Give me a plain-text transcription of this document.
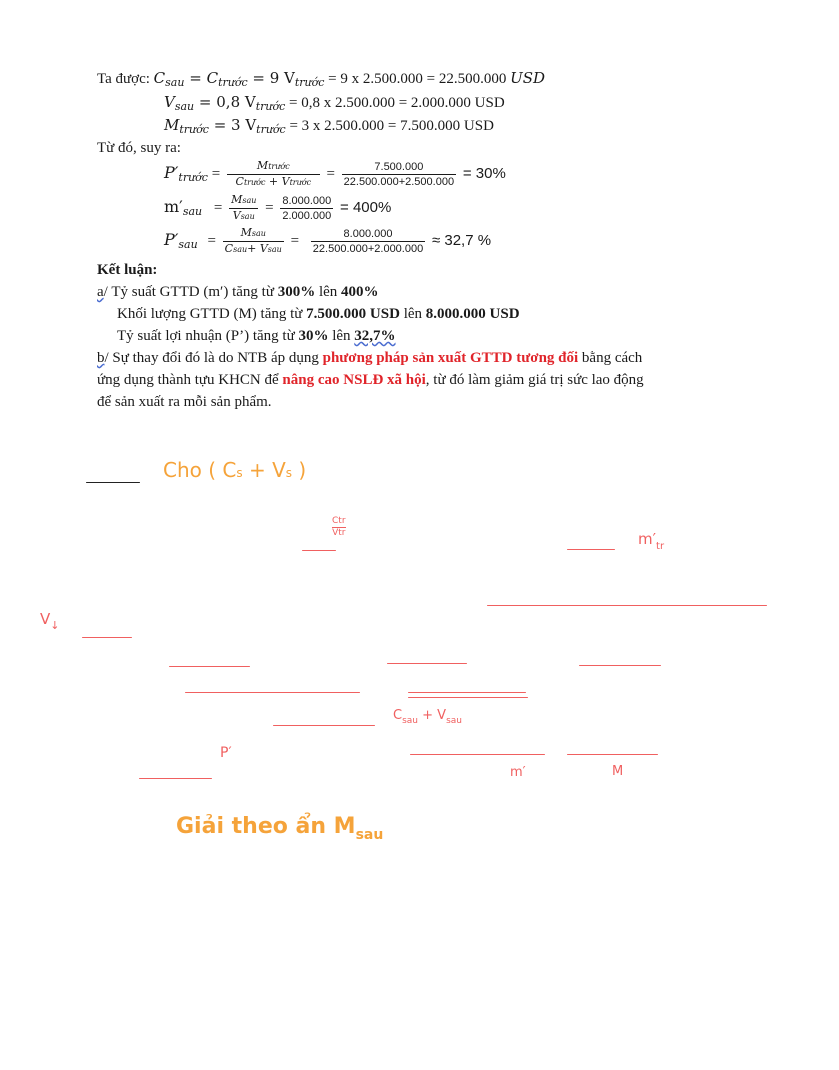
Ta được: $C_{sau} = C_{trước} = 9$ $V_{trước} = 9$ x 2.500.000 = 22.500.000 USD
$V_{sau} = 0,8$ $V_{trước} = 0,8$ x 2.500.000 = 2.000.000 USD
$M_{trước} = 3$ $V_{trước} = 3$ x 2.500.000 = 7.500.000 USD
Từ đó, suy ra:
P′trước = $\frac{\text{Mtrước}}{\text{Ctrước + Vtrước}} = \frac{7.500.000}{22.500.000+2.500.000} = 30\%$
$m'sau = \frac{\text{Msau}}{\text{Vsau}} = \frac{8.000.000}{2.000.000} = 400\%$
$P'sau = \frac{\text{Msau}}{\text{Csau+ Vsau}} = \frac{8.000.000}{22.500.000+2.000.000} \approx 32,7$ %
Kết luận:
a/ Tỷ suất GTTD (m′) tăng từ 300% lên 400%
Khối lượng GTTD (M) tăng từ 7.500.000 USD lên 8.000.000 USD
Tỷ suất lợi nhuận (P’) tăng từ 30% lên 32,7%
b/ Sự thay đổi đó là do NTB áp dụng phương pháp sản xuất GTTD tương đối bằng cách
ứng dụng thành tựu KHCN để nâng cao NSLĐ xã hội, từ đó làm giảm giá trị sức lao động
để sản xuất ra mỗi sản phẩm.
Cho ( Cs + Vs )
Ctr
Vtr	$m'_{tr}$
$V_↓$
$C_{sau} + V_{sau}$
P′
m′	M
Giải theo ẩn $M_{sau}$
